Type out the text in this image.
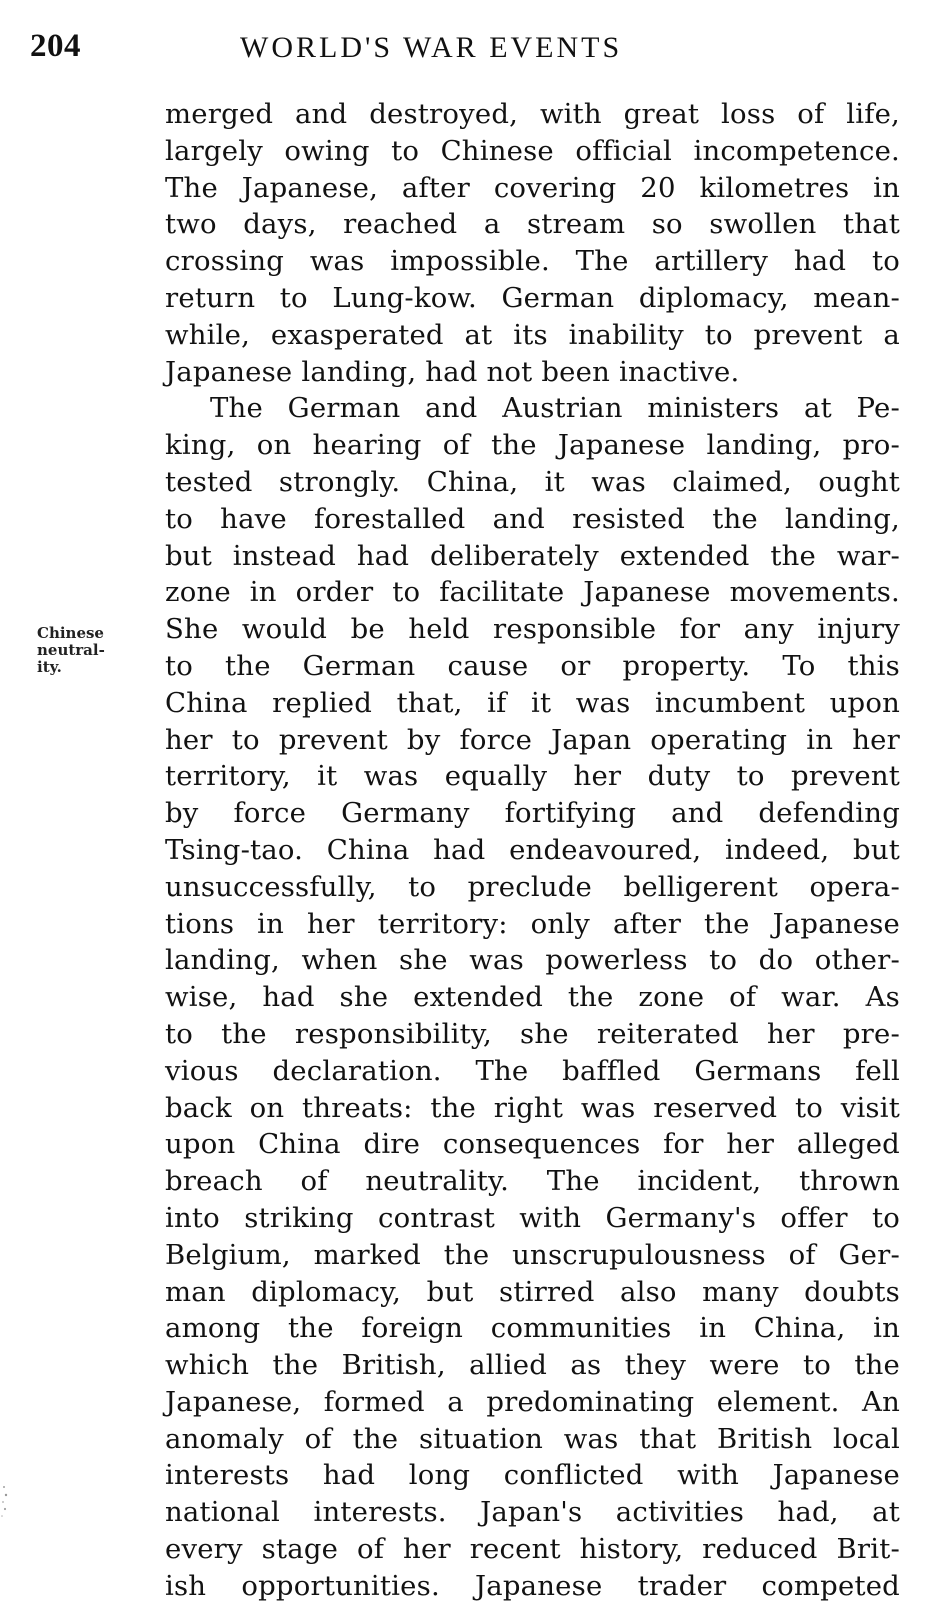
204	WORLD'S WAR EVENTS
Chinese
neutral-
ity.
merged and destroyed, with great loss of life,
largely owing to Chinese official incompetence.
The Japanese, after covering 20 kilometres in
two days, reached a stream so swollen that
crossing was impossible. The artillery had to
return to Lung-kow. German diplomacy, mean-
while, exasperated at its inability to prevent a
Japanese landing, had not been inactive.
The German and Austrian ministers at Pe-
king, on hearing of the Japanese landing, pro-
tested strongly. China, it was claimed, ought
to have forestalled and resisted the landing,
but instead had deliberately extended the war-
zone in order to facilitate Japanese movements.
She would be held responsible for any injury
to the German cause or property. To this
China replied that, if it was incumbent upon
her to prevent by force Japan operating in her
territory, it was equally her duty to prevent
by force Germany fortifying and defending
Tsing-tao. China had endeavoured, indeed, but
unsuccessfully, to preclude belligerent opera-
tions in her territory: only after the Japanese
landing, when she was powerless to do other-
wise, had she extended the zone of war. As
to the responsibility, she reiterated her pre-
vious declaration. The baffled Germans fell
back on threats: the right was reserved to visit
upon China dire consequences for her alleged
breach of neutrality. The incident, thrown
into striking contrast with Germany's offer to
Belgium, marked the unscrupulousness of Ger-
man diplomacy, but stirred also many doubts
among the foreign communities in China, in
which the British, allied as they were to the
Japanese, formed a predominating element. An
anomaly of the situation was that British local
interests had long conflicted with Japanese
national interests. Japan's activities had, at
every stage of her recent history, reduced Brit-
ish opportunities. Japanese trader competed
